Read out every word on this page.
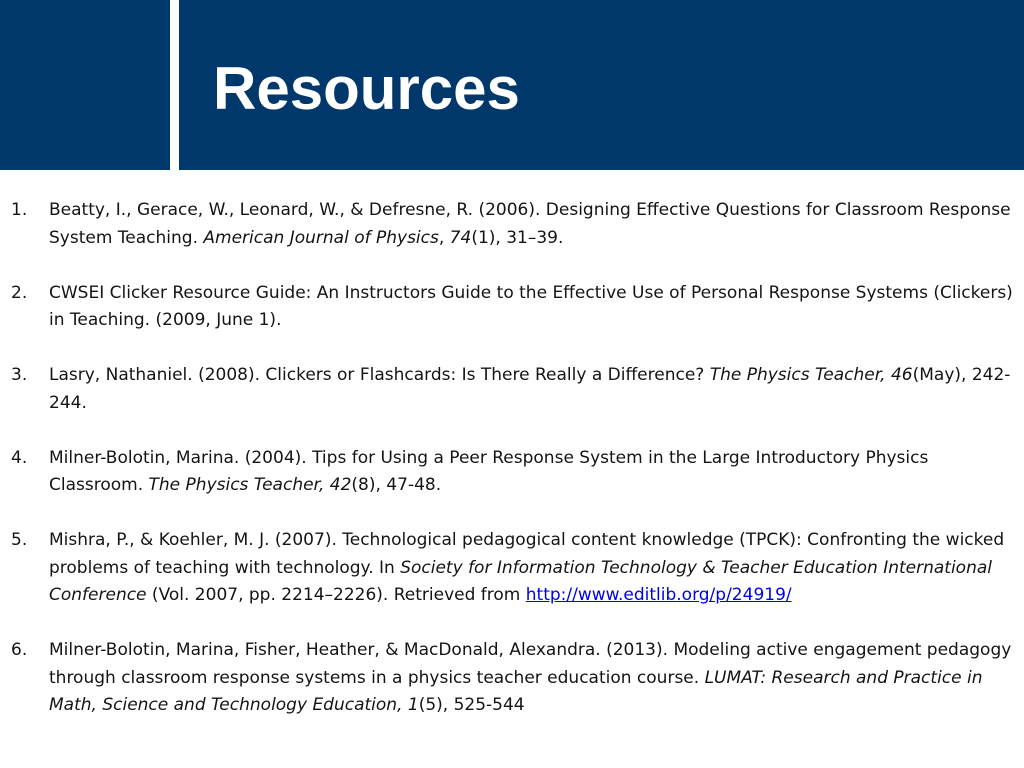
Resources
1. Beatty, I., Gerace, W., Leonard, W., & Defresne, R. (2006). Designing Effective Questions for Classroom Response System Teaching. American Journal of Physics, 74(1), 31–39.
2. CWSEI Clicker Resource Guide: An Instructors Guide to the Effective Use of Personal Response Systems (Clickers) in Teaching. (2009, June 1).
3. Lasry, Nathaniel. (2008). Clickers or Flashcards: Is There Really a Difference? The Physics Teacher, 46(May), 242-244.
4. Milner-Bolotin, Marina. (2004). Tips for Using a Peer Response System in the Large Introductory Physics Classroom. The Physics Teacher, 42(8), 47-48.
5. Mishra, P., & Koehler, M. J. (2007). Technological pedagogical content knowledge (TPCK): Confronting the wicked problems of teaching with technology. In Society for Information Technology & Teacher Education International Conference (Vol. 2007, pp. 2214–2226). Retrieved from http://www.editlib.org/p/24919/
6. Milner-Bolotin, Marina, Fisher, Heather, & MacDonald, Alexandra. (2013). Modeling active engagement pedagogy through classroom response systems in a physics teacher education course. LUMAT: Research and Practice in Math, Science and Technology Education, 1(5), 525-544
